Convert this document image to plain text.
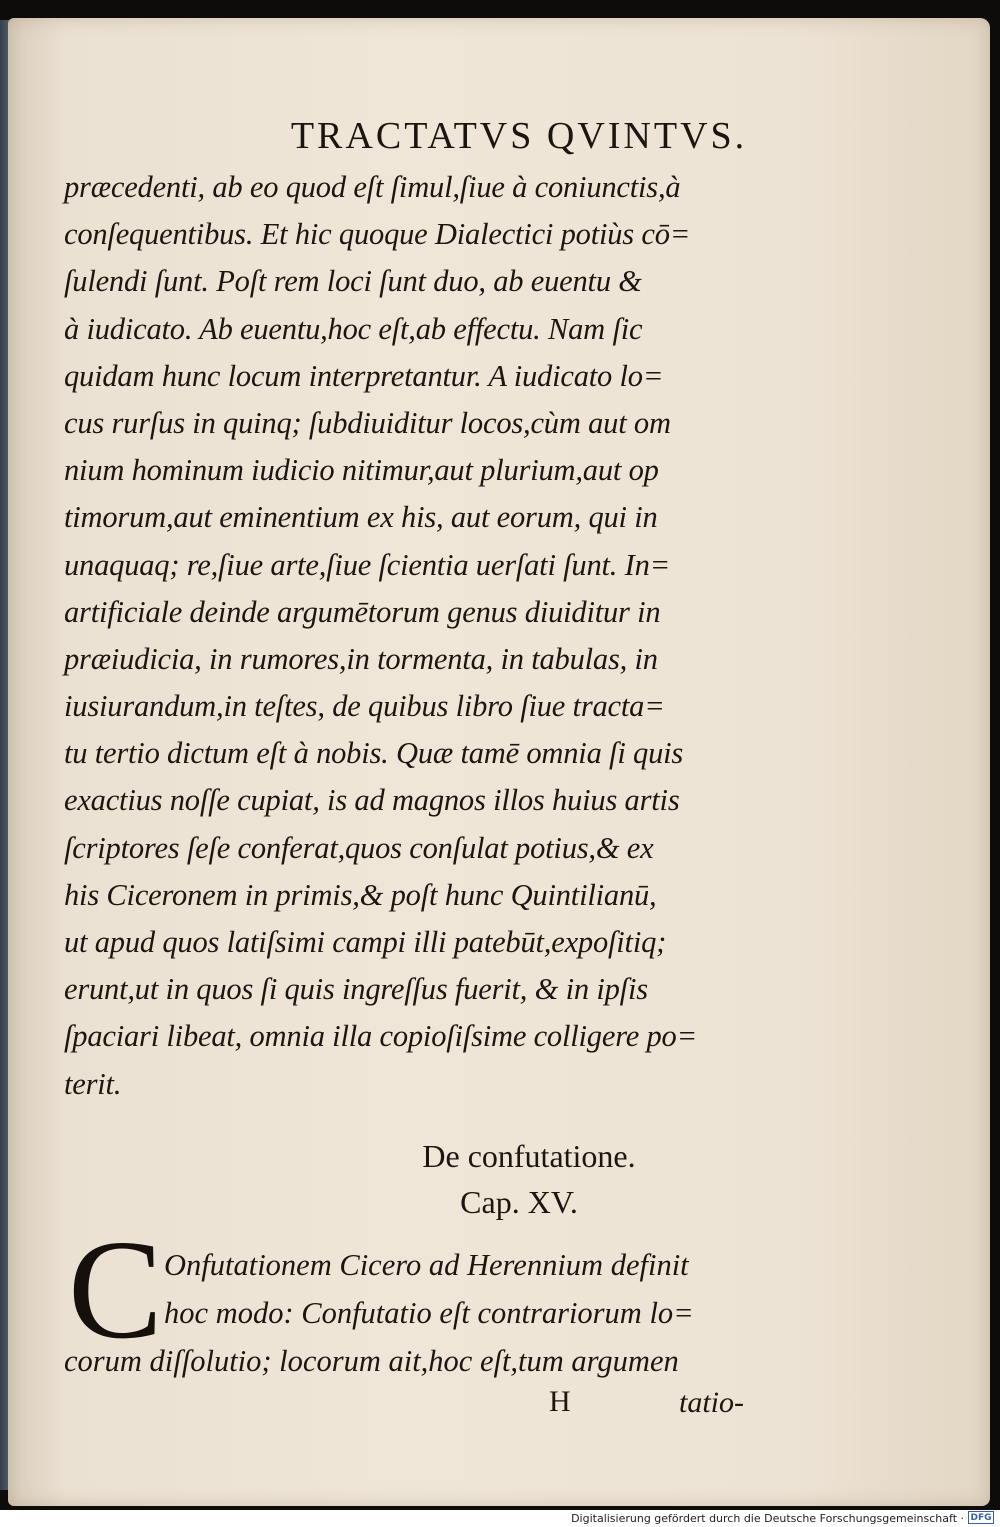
TRACTATVS QVINTVS.
præcedenti, ab eo quod eſt ſimul,ſiue à coniunctis,à
conſequentibus. Et hic quoque Dialectici potiùs cō=
ſulendi ſunt. Poſt rem loci ſunt duo, ab euentu &
à iudicato. Ab euentu,hoc eſt,ab effectu. Nam ſic
quidam hunc locum interpretantur. A iudicato lo=
cus rurſus in quinq; ſubdiuiditur locos,cùm aut om
nium hominum iudicio nitimur,aut plurium,aut op
timorum,aut eminentium ex his, aut eorum, qui in
unaquaq; re,ſiue arte,ſiue ſcientia uerſati ſunt. In=
artificiale deinde argumētorum genus diuiditur in
præiudicia, in rumores,in tormenta, in tabulas, in
iusiurandum,in teſtes, de quibus libro ſiue tracta=
tu tertio dictum eſt à nobis. Quæ tamē omnia ſi quis
exactius noſſe cupiat, is ad magnos illos huius artis
ſcriptores ſeſe conferat,quos conſulat potius,& ex
his Ciceronem in primis,& poſt hunc Quintilianū,
ut apud quos latiſsimi campi illi patebūt,expoſitiq;
erunt,ut in quos ſi quis ingreſſus fuerit, & in ipſis
ſpaciari libeat, omnia illa copioſiſsime colligere po=
terit.
De confutatione.
Cap. XV.
C Onfutationem Cicero ad Herennium definit
hoc modo: Confutatio eſt contrariorum lo=
corum diſſolutio; locorum ait,hoc eſt,tum argumen
H	tatio-
Digitalisierung gefördert durch die Deutsche Forschungsgemeinschaft · DFG
